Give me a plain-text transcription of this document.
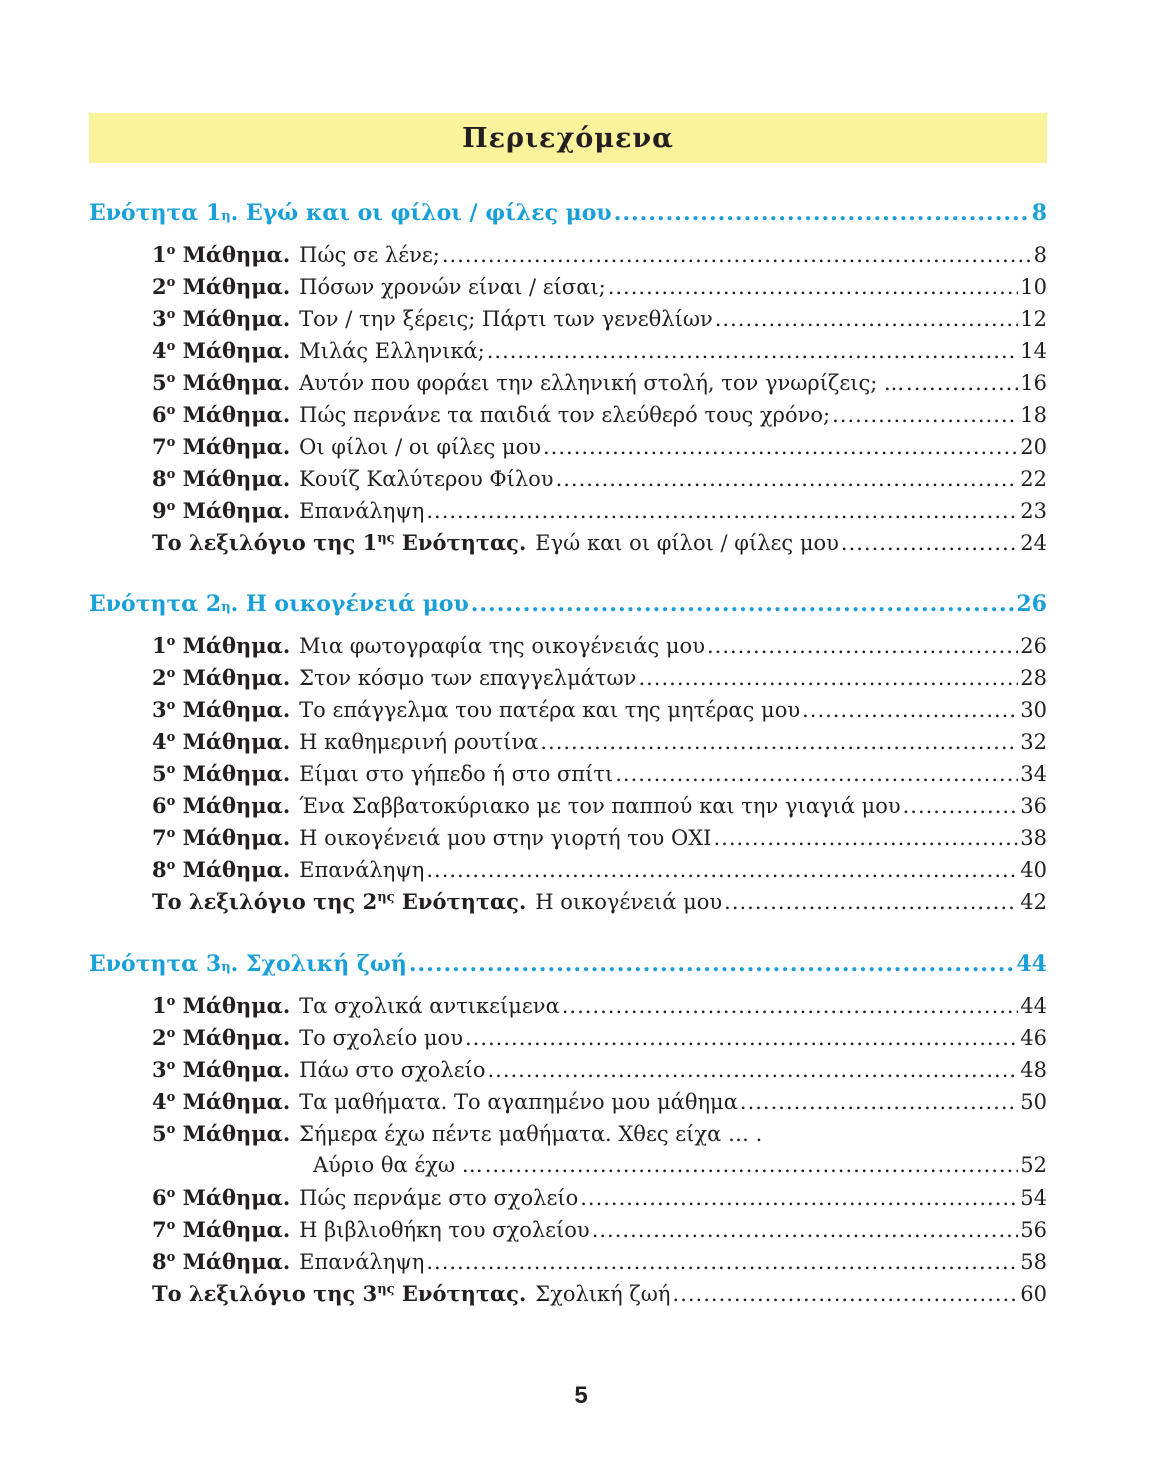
Περιεχόμενα
Ενότητα 1 η . Εγώ και οι φίλοι / φίλες μου .....	8
$1^o$ Μάθημα. Πώς σε λένε; .....	8
$2^o$ Μάθημα. Πόσων χρονών είναι / είσαι; .....	10
$3^o$ Μάθημα. Τον / την ξέρεις; Πάρτι των γενεθλίων .....	12
$4^o$ Μάθημα. Μιλάς Ελληνικά; .....	14
$5^o$ Μάθημα. Αυτόν που φοράει την ελληνική στολή, τον γνωρίζεις; ... .....	16
$6^o$ Μάθημα. Πώς περνάνε τα παιδιά τον ελεύθερό τους χρόνο; .....	18
$7^o$ Μάθημα. Οι φίλοι / οι φίλες μου .....	20
$8^o$ Μάθημα. Κουίζ Καλύτερου Φίλου .....	22
$9^o$ Μάθημα. Επανάληψη .....	23
Το λεξιλόγιο της $1^{\eta\varsigma}$ Ενότητας. Εγώ και οι φίλοι / φίλες μου .....	24
Ενότητα 2 η . Η οικογένειά μου .....	26
$1^o$ Μάθημα. Μια φωτογραφία της οικογένειάς μου .....	26
$2^o$ Μάθημα. Στον κόσμο των επαγγελμάτων .....	28
$3^o$ Μάθημα. Το επάγγελμα του πατέρα και της μητέρας μου .....	30
$4^o$ Μάθημα. Η καθημερινή ρουτίνα .....	32
$5^o$ Μάθημα. Είμαι στο γήπεδο ή στο σπίτι .....	34
$6^o$ Μάθημα. Ένα Σαββατοκύριακο με τον παππού και την γιαγιά μου .....	36
$7^o$ Μάθημα. Η οικογένειά μου στην γιορτή του ΟΧΙ .....	38
$8^o$ Μάθημα. Επανάληψη .....	40
Το λεξιλόγιο της $2^{\eta\varsigma}$ Ενότητας. Η οικογένειά μου .....	42
Ενότητα 3 η . Σχολική ζωή .....	44
$1^o$ Μάθημα. Τα σχολικά αντικείμενα .....	44
$2^o$ Μάθημα. Το σχολείο μου .....	46
$3^o$ Μάθημα. Πάω στο σχολείο .....	48
$4^o$ Μάθημα. Τα μαθήματα. Το αγαπημένο μου μάθημα .....	50
$5^o$ Μάθημα. Σήμερα έχω πέντε μαθήματα. Χθες είχα … .
Αύριο θα έχω … .....	52
$6^o$ Μάθημα. Πώς περνάμε στο σχολείο .....	54
$7^o$ Μάθημα. Η βιβλιοθήκη του σχολείου .....	56
$8^o$ Μάθημα. Επανάληψη .....	58
Το λεξιλόγιο της $3^{\eta\varsigma}$ Ενότητας. Σχολική ζωή .....	60
5
